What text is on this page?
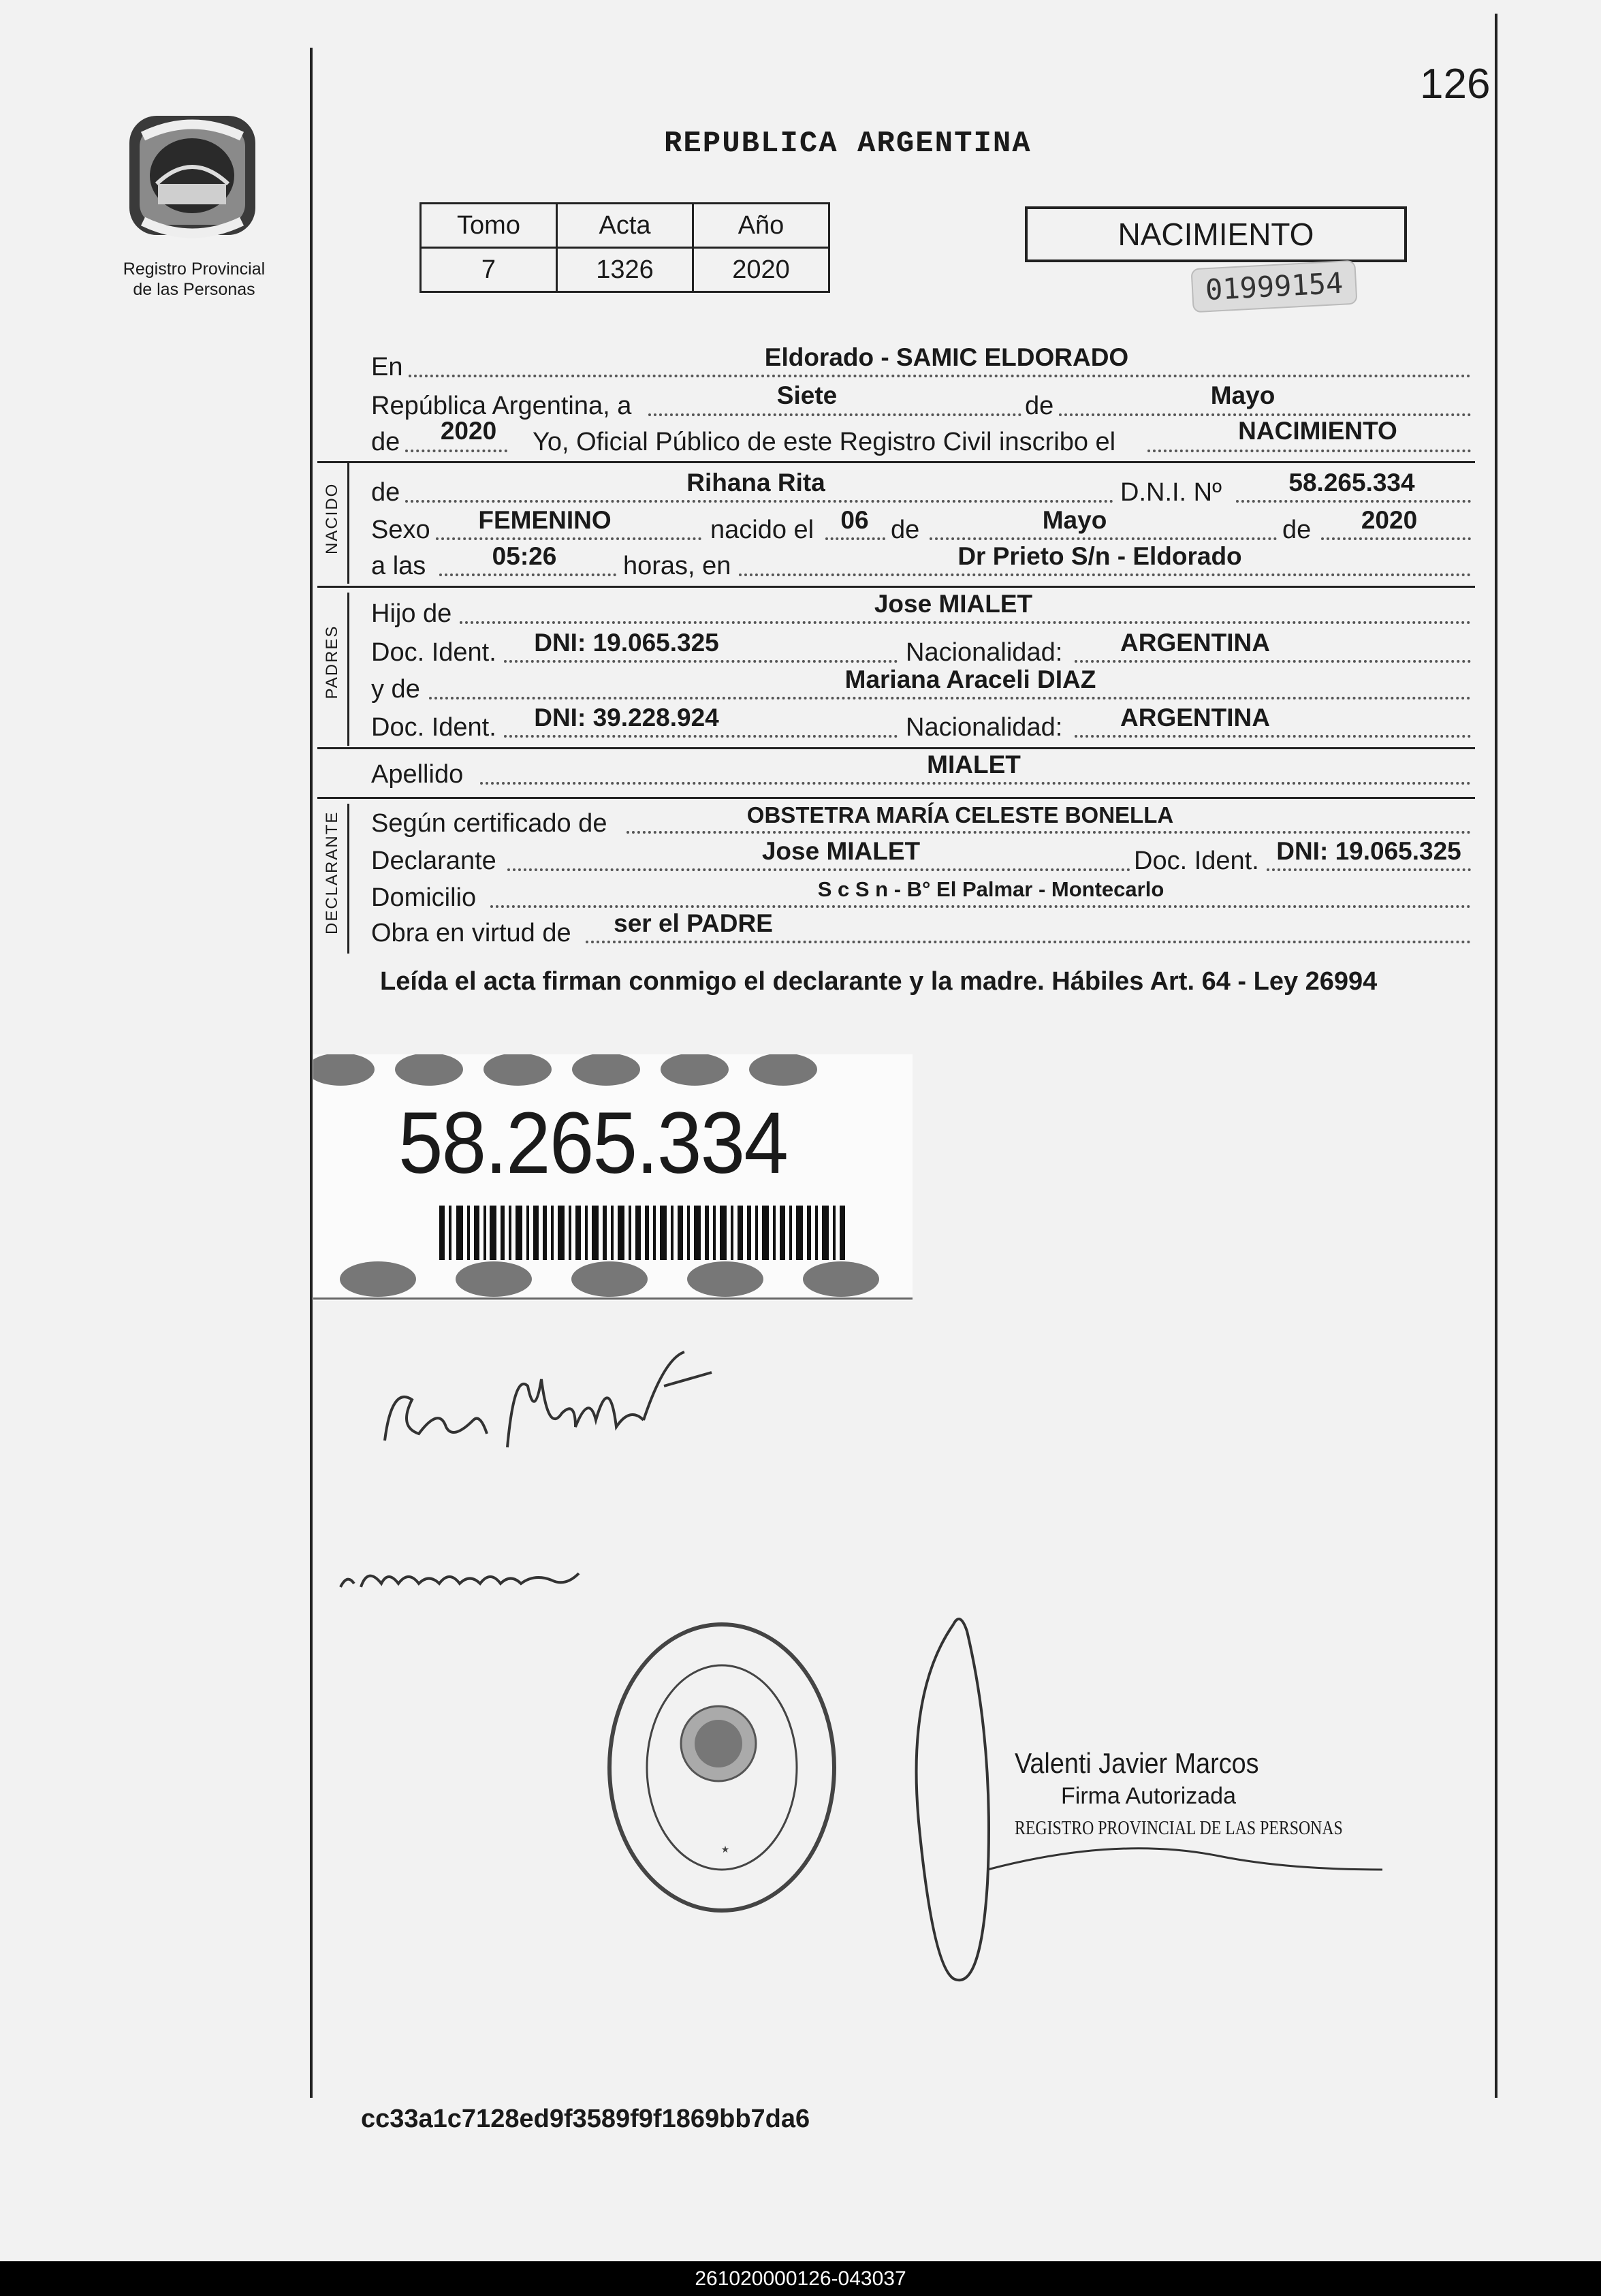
126
Registro Provincial
de las Personas
REPUBLICA ARGENTINA
Tomo	Acta	Año
7	1326	2020
NACIMIENTO
01999154
En	Eldorado - SAMIC ELDORADO
República Argentina, a	Siete	de	Mayo
de 2020 Yo, Oficial Público de este Registro Civil inscribo el	NACIMIENTO
NACIDO de	Rihana Rita	D.N.I. Nº	58.265.334
Sexo FEMENINO	nacido el 06 de	Mayo	de 2020
a las	05:26	horas, en	Dr Prieto S/n - Eldorado
PADRES
Hijo de	Jose MIALET
Doc. Ident. DNI: 19.065.325	Nacionalidad: ARGENTINA
y de	Mariana Araceli DIAZ
Doc. Ident. DNI: 39.228.924	Nacionalidad: ARGENTINA
Apellido	MIALET
DECLARANTE Según certificado de	OBSTETRA MARÍA CELESTE BONELLA
Declarante	Jose MIALET	Doc. Ident. DNI: 19.065.325
Domicilio	S c S n - B° El Palmar - Montecarlo
Obra en virtud de ser el PADRE
Leída el acta firman conmigo el declarante y la madre. Hábiles Art. 64 - Ley 26994
58.265.334
★
Valenti Javier Marcos
Firma Autorizada
REGISTRO PROVINCIAL DE LAS PERSONAS
cc33a1c7128ed9f3589f9f1869bb7da6
261020000126-043037
